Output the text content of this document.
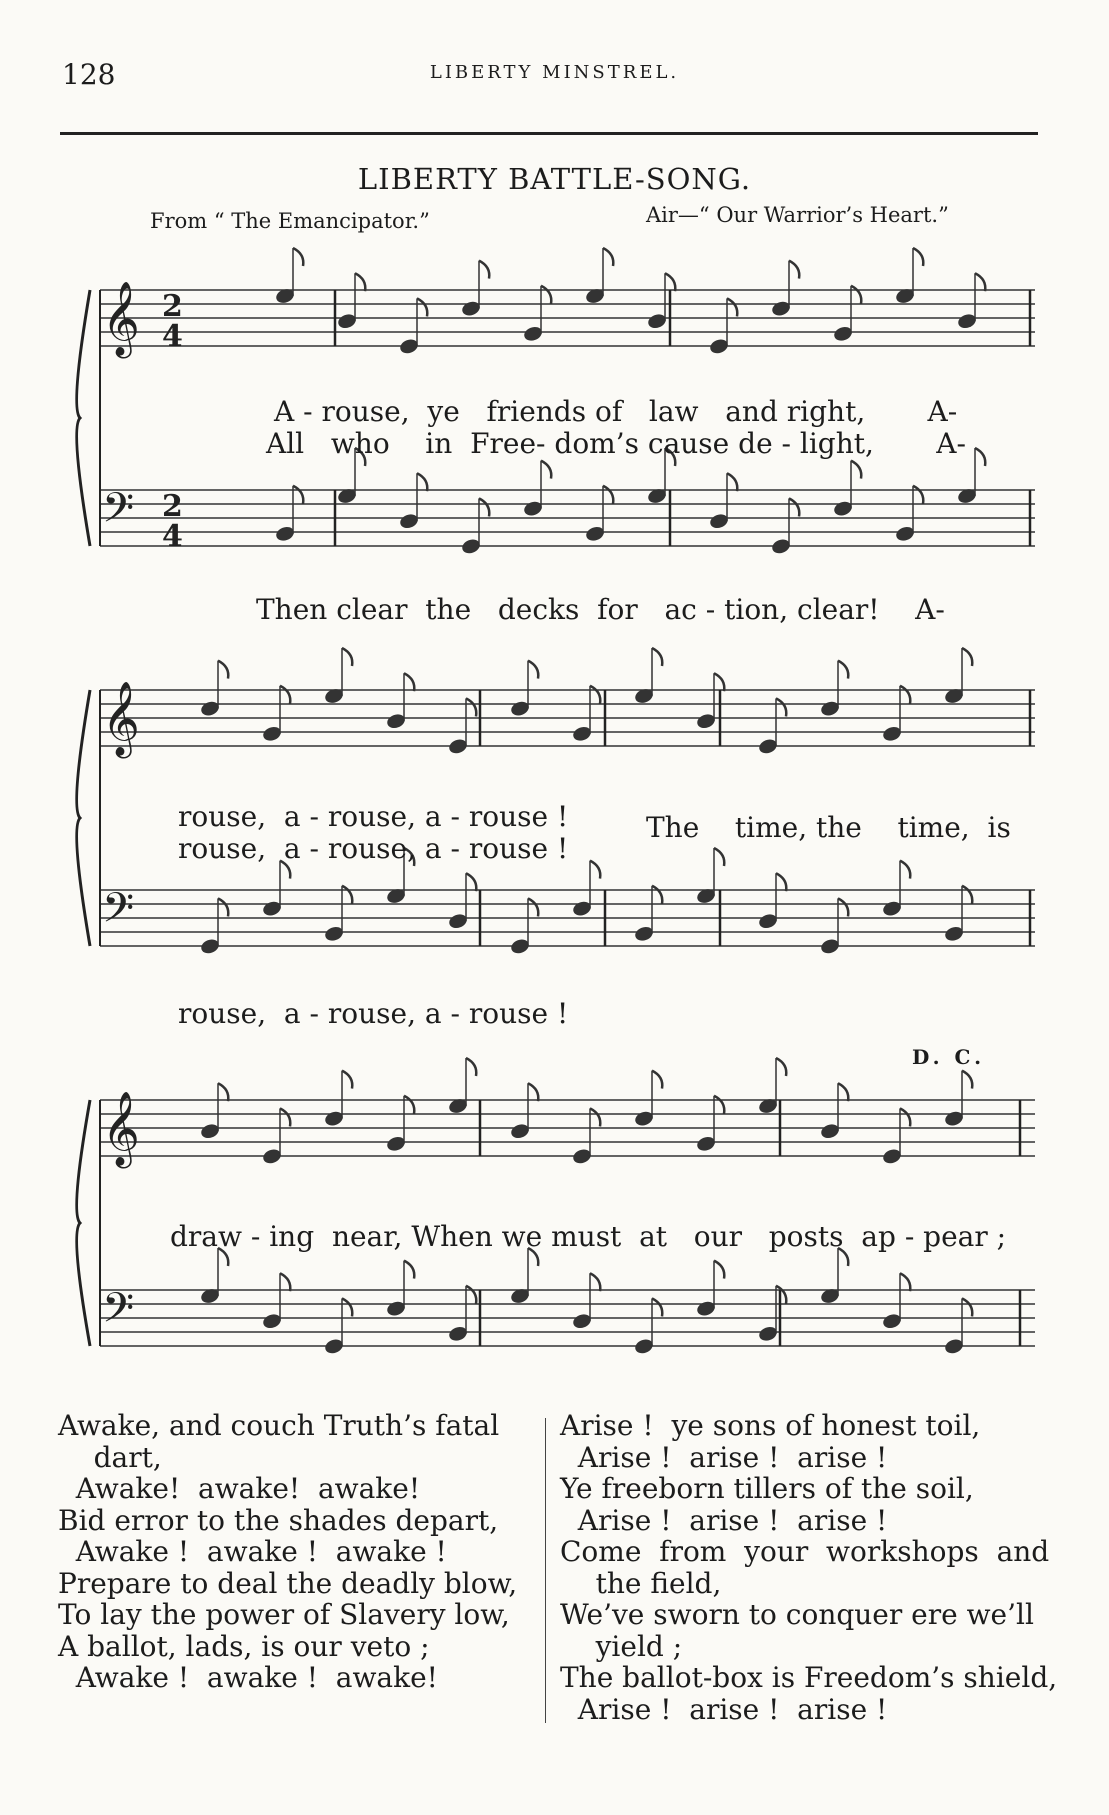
128	LIBERTY MINSTREL.
LIBERTY BATTLE-SONG.
From “ The Emancipator.”	Air—“ Our Warrior’s Heart.”
𝄞 2
4
𝄢 2
4
𝄞
𝄢
𝄞
𝄢
A - rouse,  ye   friends of   law   and right,       A-
All   who    in  Free- dom’s cause de - light,       A-
Then clear  the   decks  for   ac - tion, clear!    A-
rouse,  a - rouse, a - rouse !
rouse,  a - rouse, a - rouse !
The    time, the    time,  is
rouse,  a - rouse, a - rouse !
D. C.
draw - ing  near, When we must  at   our   posts  ap - pear ;
Awake, and couch Truth’s fatal
dart,
Awake!  awake!  awake!
Bid error to the shades depart,
Awake !  awake !  awake !
Prepare to deal the deadly blow,
To lay the power of Slavery low,
A ballot, lads, is our veto ;
Awake !  awake !  awake!
Arise !  ye sons of honest toil,
Arise !  arise !  arise !
Ye freeborn tillers of the soil,
Arise !  arise !  arise !
Come  from  your  workshops  and
the field,
We’ve sworn to conquer ere we’ll
yield ;
The ballot-box is Freedom’s shield,
Arise !  arise !  arise !
